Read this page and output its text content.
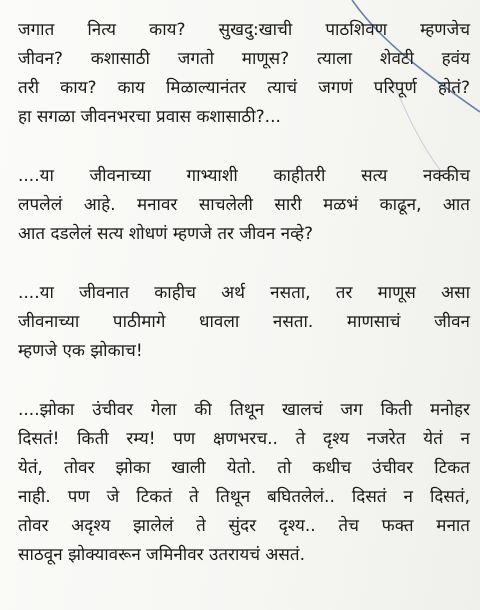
जगात नित्य काय? सुखदु:खाची पाठशिवण म्हणजेच
जीवन? कशासाठी जगतो माणूस? त्याला शेवटी हवंय
तरी काय? काय मिळाल्यानंतर त्याचं जगणं परिपूर्ण होतं?
हा सगळा जीवनभरचा प्रवास कशासाठी?...
....या जीवनाच्या गाभ्याशी काहीतरी सत्य नक्कीच
लपलेलं आहे. मनावर साचलेली सारी मळभं काढून, आत
आत दडलेलं सत्य शोधणं म्हणजे तर जीवन नव्हे?
....या जीवनात काहीच अर्थ नसता, तर माणूस असा
जीवनाच्या पाठीमागे धावला नसता. माणसाचं जीवन
म्हणजे एक झोकाच!
....झोका उंचीवर गेला की तिथून खालचं जग किती मनोहर
दिसतं! किती रम्य! पण क्षणभरच.. ते दृश्य नजरेत येतं न
येतं, तोवर झोका खाली येतो. तो कधीच उंचीवर टिकत
नाही. पण जे टिकतं ते तिथून बघितलेलं.. दिसतं न दिसतं,
तोवर अदृश्य झालेलं ते सुंदर दृश्य.. तेच फक्त मनात
साठवून झोक्यावरून जमिनीवर उतरायचं असतं.
